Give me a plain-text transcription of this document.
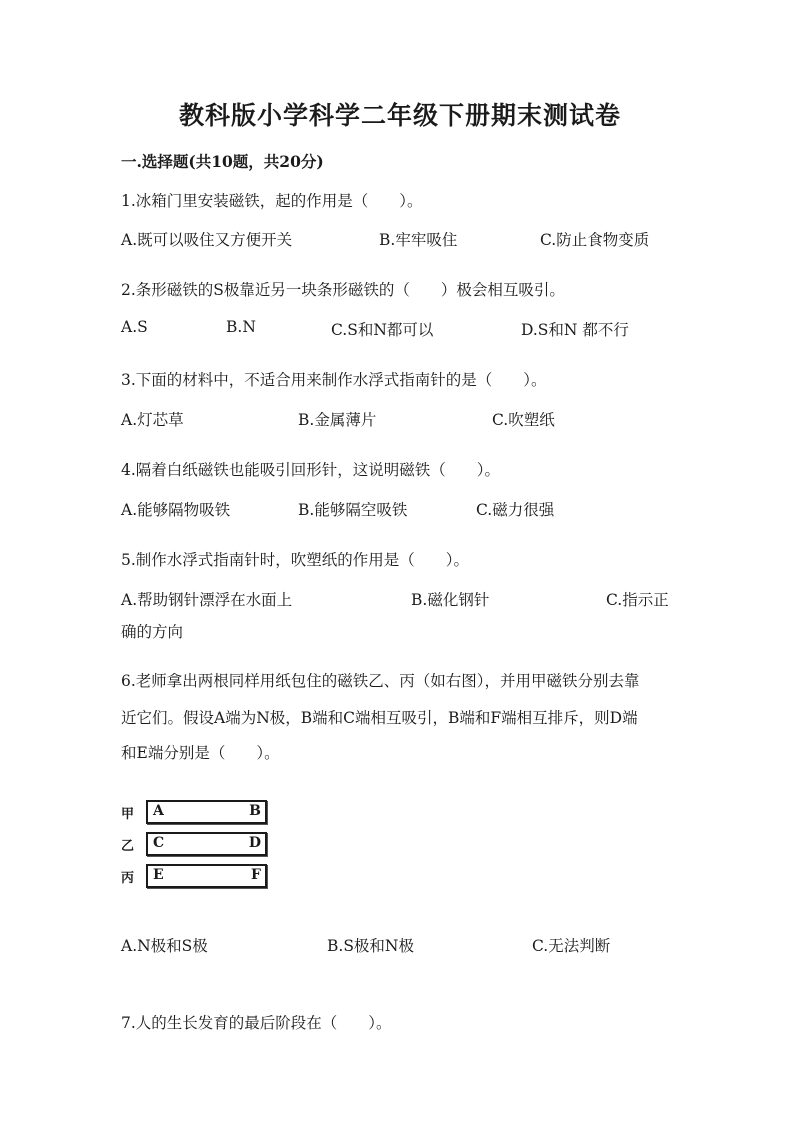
教科版小学科学二年级下册期末测试卷
一.选择题(共10题，共20分)
1.冰箱门里安装磁铁，起的作用是（　　）。
A.既可以吸住又方便开关	B.牢牢吸住	C.防止食物变质
2.条形磁铁的S极靠近另一块条形磁铁的（　　）极会相互吸引。
A.S	B.N	C.S和N都可以	D.S和N 都不行
3.下面的材料中，不适合用来制作水浮式指南针的是（　　）。
A.灯芯草	B.金属薄片	C.吹塑纸
4.隔着白纸磁铁也能吸引回形针，这说明磁铁（　　）。
A.能够隔物吸铁	B.能够隔空吸铁	C.磁力很强
5.制作水浮式指南针时，吹塑纸的作用是（　　）。
A.帮助钢针漂浮在水面上	B.磁化钢针	C.指示正
确的方向
6.老师拿出两根同样用纸包住的磁铁乙、丙（如右图），并用甲磁铁分别去靠
近它们。假设A端为N极，B端和C端相互吸引，B端和F端相互排斥，则D端
和E端分别是（　　）。
甲 A	B
乙 C	D
丙 E	F
A.N极和S极	B.S极和N极	C.无法判断
7.人的生长发育的最后阶段在（　　）。
